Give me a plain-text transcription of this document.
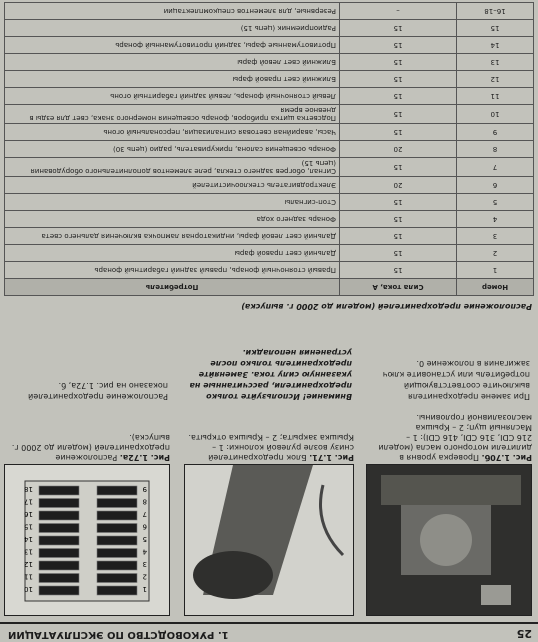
25
1. РУКОВОДСТВО ПО ЭКСПЛУАТАЦИИ
Рис. 1.70б. Проверка уровня в дилители моторного масла (модели 216 CDI, 316 CDI, 416 CDI): 1 – Масляный щуп; 2 – Крышка маслозаливной горловины.
Рис. 1.71. Блок предохранителей снизу возле рулевой колонки: 1 – Крышка закрыта; 2 – Крышка открыта.
1
2
3
4
5
6
7
8
9
10
11
12
13
14
15
16
17
18
Рис. 1.72а. Расположение предохранителей (модели до 2000 г. выпуска).
При замене предохранителя выключите соответствующий потребитель или установите ключ зажигания в положение 0.
Внимание! Используйте только предохранители, рассчитанные на указанную силу тока. Заменяйте предохранитель только после устранения неполадки.
Расположение предохранителей показано на рис. 1.72а, б.
Расположение предохранителей (модели до 2000 г. выпуска)
Номер	Сила тока, А	Потребитель
1	15	Правый стояночный фонарь, правый задний габаритный фонарь
2	15	Дальний свет правой фары
3	15	Дальний свет левой фары, индикаторная лампочка включения дальнего света
4	15	Фонарь заднего хода
5	15	Стоп-сигналы
6	20	Электродвигатель стеклоочистителей
7	15	Сигнал, обогрев заднего стекла, реле элементов дополнительного оборудования (цепь 15)
8	20	Фонарь освещения салона, прикуриватель, радио (цепь 30)
9	15	Часы, аварийная световая сигнализация, персональный огонь
10	15	Подсветка щитка приборов, фонарь освещения номерного знака, свет для езды в дневное время
11	15	Левый стояночный фонарь, левый задний габаритный огонь
12	15	Ближний свет правой фары
13	15	Ближний свет левой фары
14	15	Противотуманные фары, задний противотуманный фонарь
15	15	Радиоприемник (цепь 15)
16–18	–	Резервные, для элементов спецкомплектации
